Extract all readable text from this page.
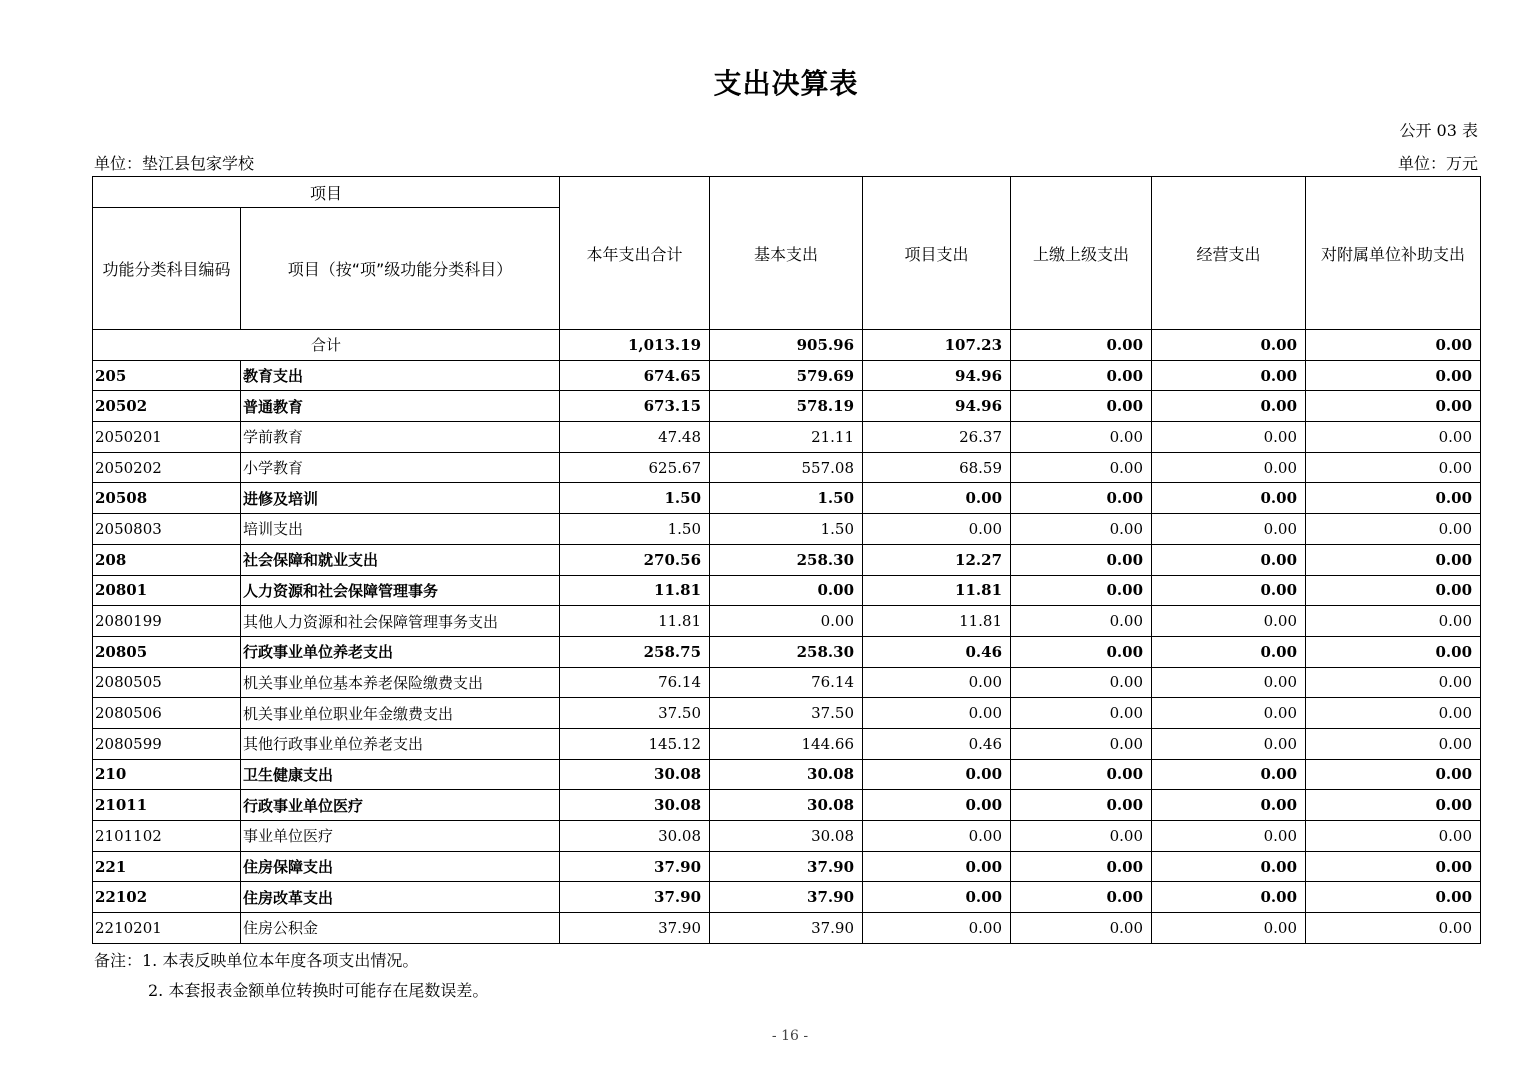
支出决算表
公开 03 表
单位：垫江县包家学校	单位：万元
项目		本年支出合计	基本支出	项目支出	上缴上级支出	经营支出	对附属单位补助支出
功能分类科目编码	项目（按“项”级功能分类科目）						
合计		1,013.19	905.96	107.23	0.00	0.00	0.00
205	教育支出	674.65	579.69	94.96	0.00	0.00	0.00
20502	普通教育	673.15	578.19	94.96	0.00	0.00	0.00
2050201	学前教育	47.48	21.11	26.37	0.00	0.00	0.00
2050202	小学教育	625.67	557.08	68.59	0.00	0.00	0.00
20508	进修及培训	1.50	1.50	0.00	0.00	0.00	0.00
2050803	培训支出	1.50	1.50	0.00	0.00	0.00	0.00
208	社会保障和就业支出	270.56	258.30	12.27	0.00	0.00	0.00
20801	人力资源和社会保障管理事务	11.81	0.00	11.81	0.00	0.00	0.00
2080199	其他人力资源和社会保障管理事务支出	11.81	0.00	11.81	0.00	0.00	0.00
20805	行政事业单位养老支出	258.75	258.30	0.46	0.00	0.00	0.00
2080505	机关事业单位基本养老保险缴费支出	76.14	76.14	0.00	0.00	0.00	0.00
2080506	机关事业单位职业年金缴费支出	37.50	37.50	0.00	0.00	0.00	0.00
2080599	其他行政事业单位养老支出	145.12	144.66	0.46	0.00	0.00	0.00
210	卫生健康支出	30.08	30.08	0.00	0.00	0.00	0.00
21011	行政事业单位医疗	30.08	30.08	0.00	0.00	0.00	0.00
2101102	事业单位医疗	30.08	30.08	0.00	0.00	0.00	0.00
221	住房保障支出	37.90	37.90	0.00	0.00	0.00	0.00
22102	住房改革支出	37.90	37.90	0.00	0.00	0.00	0.00
2210201	住房公积金	37.90	37.90	0.00	0.00	0.00	0.00
备注：1. 本表反映单位本年度各项支出情况。
2. 本套报表金额单位转换时可能存在尾数误差。
- 16 -
